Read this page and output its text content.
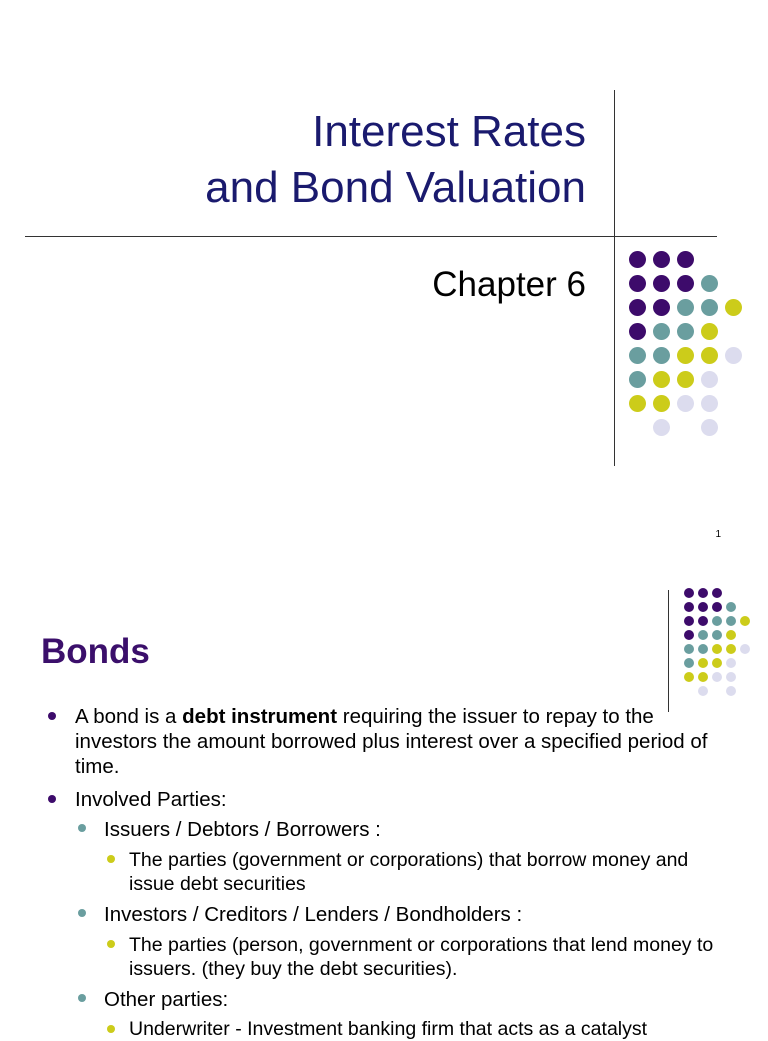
Interest Rates
and Bond Valuation
Chapter 6
1
Bonds
A bond is a debt instrument requiring the issuer to repay to the investors the amount borrowed plus interest over a specified period of time.
Involved Parties:
Issuers / Debtors / Borrowers :
The parties (government or corporations) that borrow money and issue debt securities
Investors / Creditors / Lenders / Bondholders :
The parties (person, government or corporations that lend money to issuers. (they buy the debt securities).
Other parties:
Underwriter - Investment banking firm that acts as a catalyst
